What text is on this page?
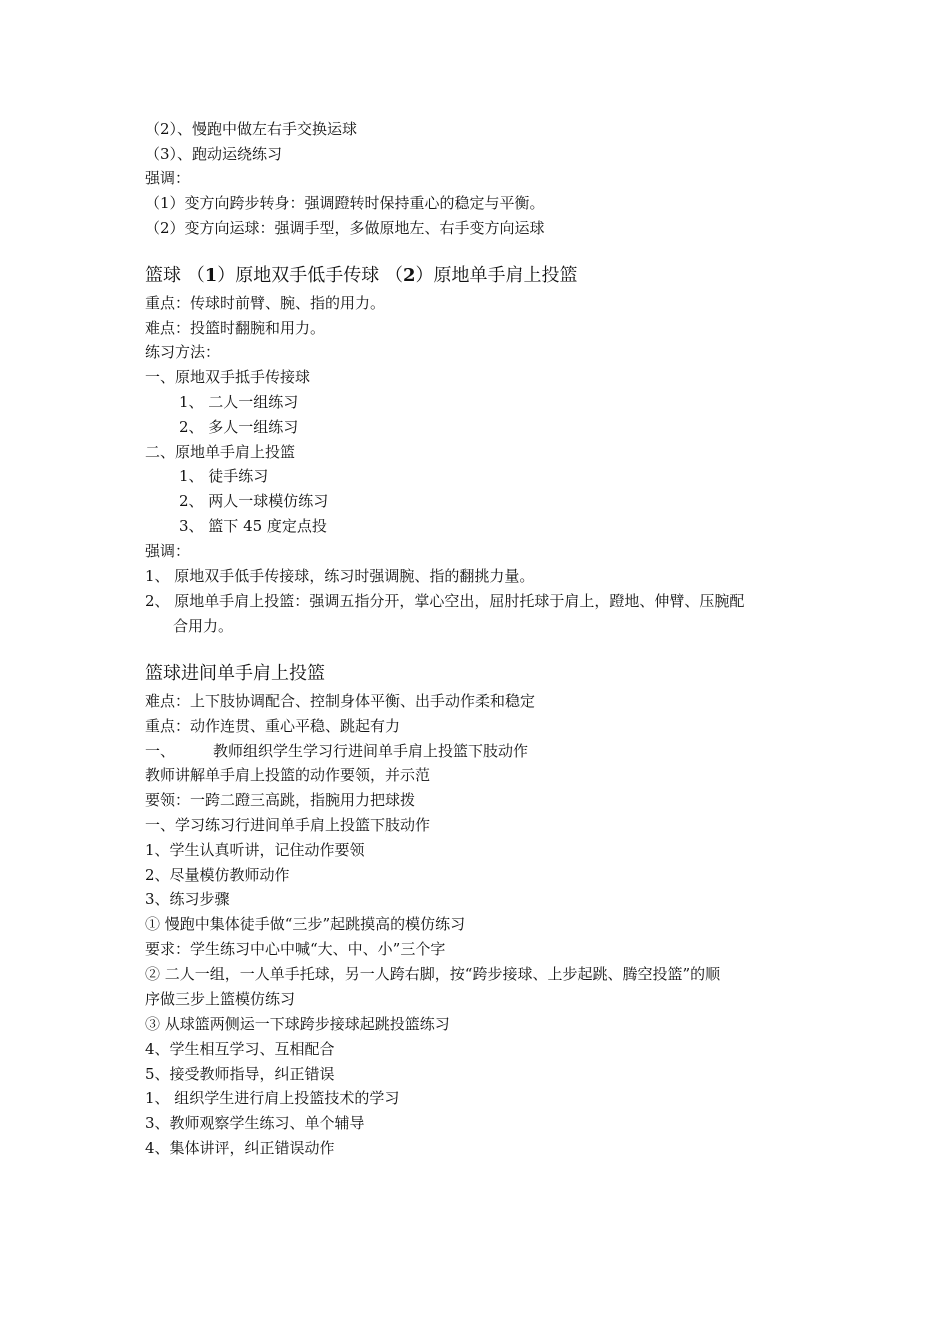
（2）、慢跑中做左右手交换运球
（3）、跑动运绕练习
强调：
（1）变方向跨步转身：强调蹬转时保持重心的稳定与平衡。
（2）变方向运球：强调手型，多做原地左、右手变方向运球
篮球 （1）原地双手低手传球 （2）原地单手肩上投篮
重点：传球时前臂、腕、指的用力。
难点：投篮时翻腕和用力。
练习方法：
一、原地双手抵手传接球
1、 二人一组练习
2、 多人一组练习
二、原地单手肩上投篮
1、 徒手练习
2、 两人一球模仿练习
3、 篮下 45 度定点投
强调：
1、 原地双手低手传接球，练习时强调腕、指的翻挑力量。
2、 原地单手肩上投篮：强调五指分开，掌心空出，屈肘托球于肩上，蹬地、伸臂、压腕配
合用力。
篮球进间单手肩上投篮
难点：上下肢协调配合、控制身体平衡、出手动作柔和稳定
重点：动作连贯、重心平稳、跳起有力
一、	教师组织学生学习行进间单手肩上投篮下肢动作
教师讲解单手肩上投篮的动作要领，并示范
要领：一跨二蹬三高跳，指腕用力把球拨
一、学习练习行进间单手肩上投篮下肢动作
1、学生认真听讲，记住动作要领
2、尽量模仿教师动作
3、练习步骤
① 慢跑中集体徒手做“三步”起跳摸高的模仿练习
要求：学生练习中心中喊“大、中、小”三个字
② 二人一组，一人单手托球，另一人跨右脚，按“跨步接球、上步起跳、腾空投篮”的顺
序做三步上篮模仿练习
③ 从球篮两侧运一下球跨步接球起跳投篮练习
4、学生相互学习、互相配合
5、接受教师指导，纠正错误
1、 组织学生进行肩上投篮技术的学习
3、教师观察学生练习、单个辅导
4、集体讲评，纠正错误动作
